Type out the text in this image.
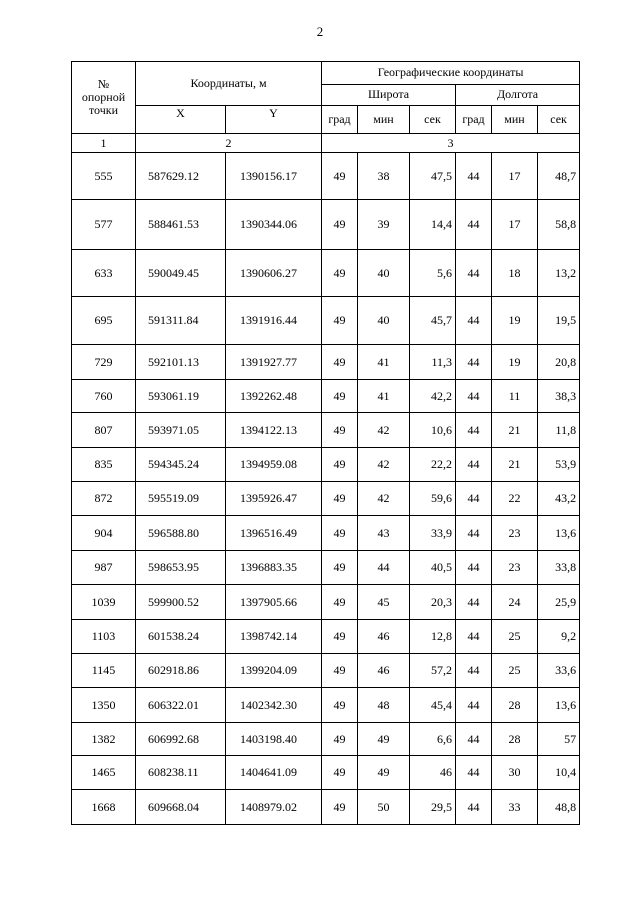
2
№
опорной
точки	Координаты, м		Географические координаты					
			Широта			Долгота		
	X	Y	град	мин	сек	град	мин	сек
1	2		3					
555	587629.12	1390156.17	49	38	47,5	44	17	48,7
577	588461.53	1390344.06	49	39	14,4	44	17	58,8
633	590049.45	1390606.27	49	40	5,6	44	18	13,2
695	591311.84	1391916.44	49	40	45,7	44	19	19,5
729	592101.13	1391927.77	49	41	11,3	44	19	20,8
760	593061.19	1392262.48	49	41	42,2	44	11	38,3
807	593971.05	1394122.13	49	42	10,6	44	21	11,8
835	594345.24	1394959.08	49	42	22,2	44	21	53,9
872	595519.09	1395926.47	49	42	59,6	44	22	43,2
904	596588.80	1396516.49	49	43	33,9	44	23	13,6
987	598653.95	1396883.35	49	44	40,5	44	23	33,8
1039	599900.52	1397905.66	49	45	20,3	44	24	25,9
1103	601538.24	1398742.14	49	46	12,8	44	25	9,2
1145	602918.86	1399204.09	49	46	57,2	44	25	33,6
1350	606322.01	1402342.30	49	48	45,4	44	28	13,6
1382	606992.68	1403198.40	49	49	6,6	44	28	57
1465	608238.11	1404641.09	49	49	46	44	30	10,4
1668	609668.04	1408979.02	49	50	29,5	44	33	48,8
